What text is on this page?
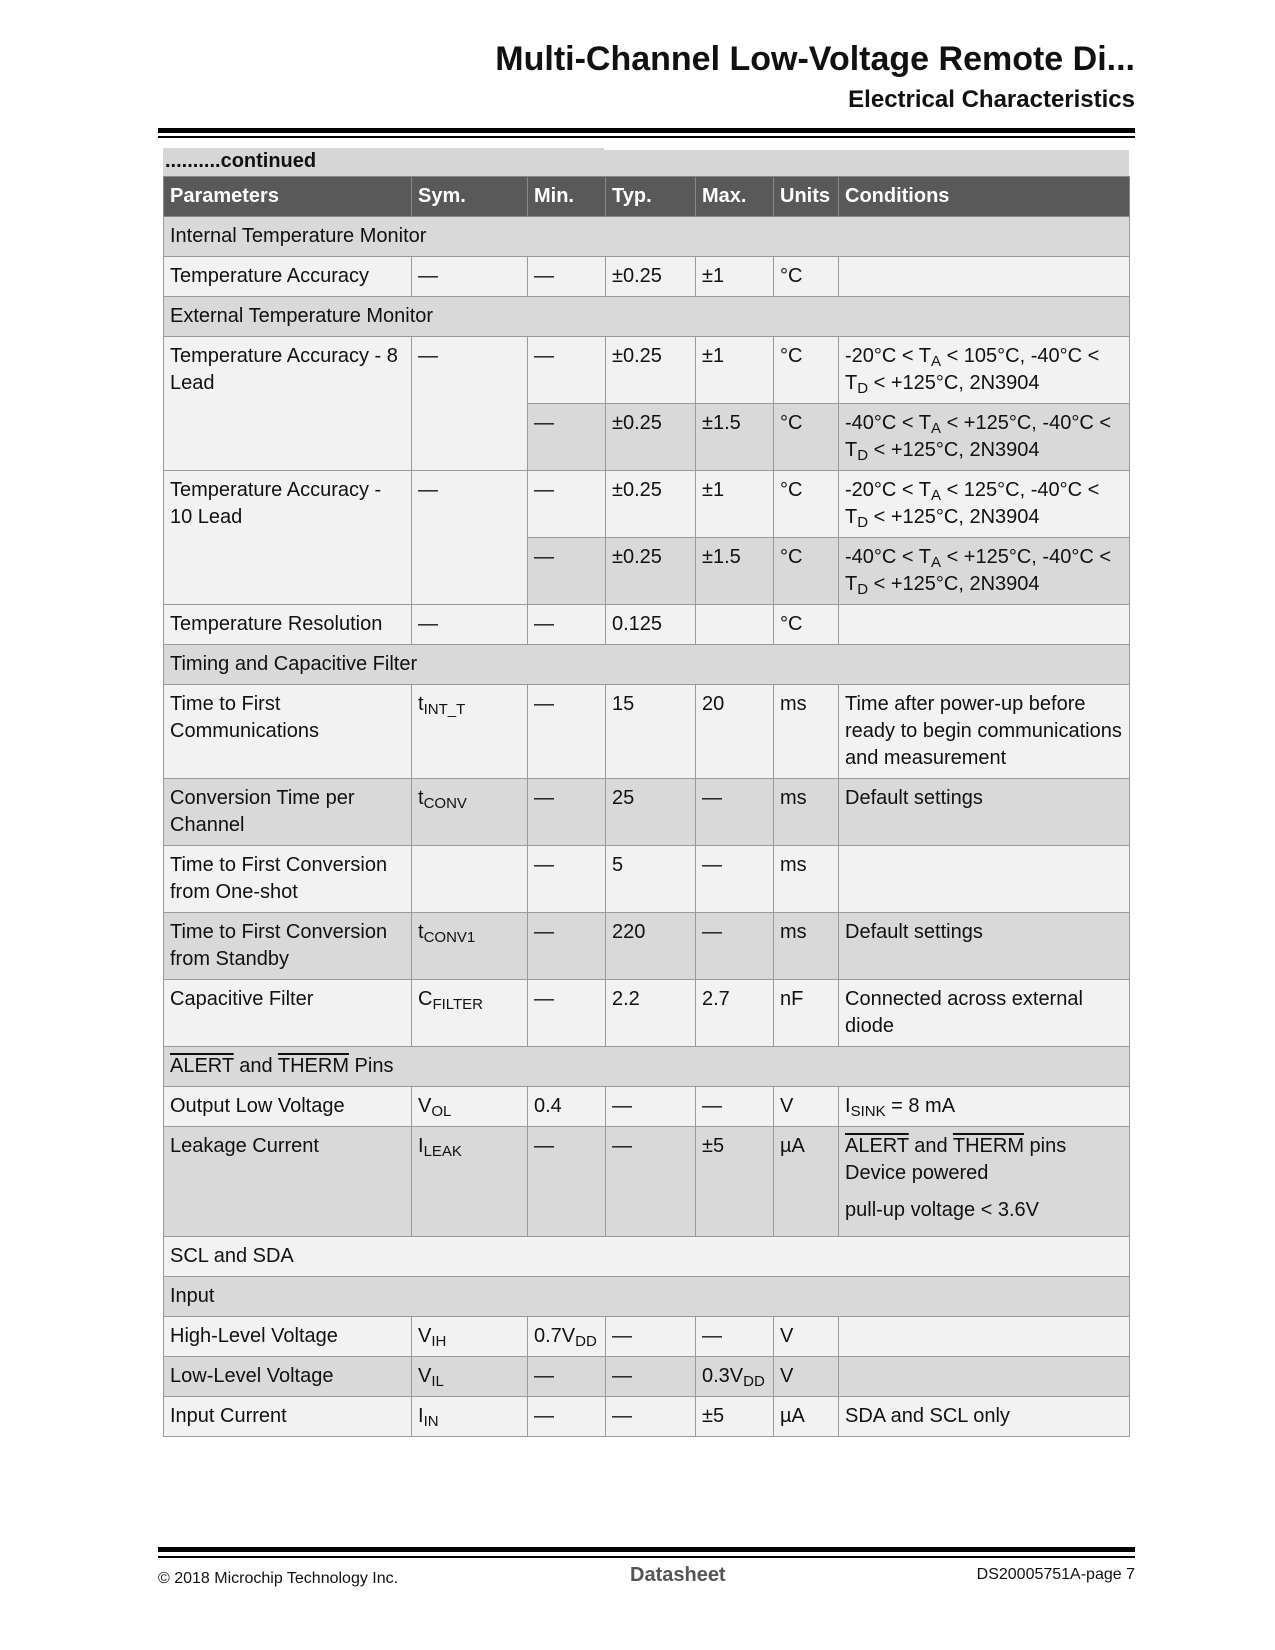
Multi-Channel Low-Voltage Remote Di...
Electrical Characteristics
..........continued
Parameters	Sym.	Min.	Typ.	Max.	Units	Conditions
Internal Temperature Monitor						
Temperature Accuracy	—	—	±0.25	±1	°C	
External Temperature Monitor						
Temperature Accuracy - 8 Lead	—	—	±0.25	±1	°C	$-20^\circ C < T_A < 105^\circ C$, $-40^\circ C < T_D < +125^\circ C$, 2N3904
		—	±0.25	±1.5	°C	$-40^\circ C < T_A < +125^\circ C$, $-40^\circ C < T_D < +125^\circ C$, 2N3904
Temperature Accuracy - 10 Lead	—	—	±0.25	±1	°C	$-20^\circ C < T_A < 125^\circ C$, $-40^\circ C < T_D < +125^\circ C$, 2N3904
		—	±0.25	±1.5	°C	$-40^\circ C < T_A < +125^\circ C$, $-40^\circ C < T_D < +125^\circ C$, 2N3904
Temperature Resolution	—	—	0.125		°C	
Timing and Capacitive Filter						
Time to First Communications	$t_{INT\_T}$	—	15	20	ms	Time after power-up before ready to begin communications and measurement
Conversion Time per Channel	$t_{CONV}$	—	25	—	ms	Default settings
Time to First Conversion from One-shot		—	5	—	ms	
Time to First Conversion from Standby	$t_{CONV1}$	—	220	—	ms	Default settings
Capacitive Filter	$C_{FILTER}$	—	2.2	2.7	nF	Connected across external diode
ALERT and THERM Pins						
Output Low Voltage	$V_{OL}$	0.4	—	—	V	$I_{SINK} = 8$ mA
Leakage Current	$I_{LEAK}$	—	—	±5	µA	ALERT and THERM pins Device powered
pull-up voltage < 3.6V

SCL and SDA						
Input						
High-Level Voltage	$V_{IH}$	$0.7V_{DD}$	—	—	V	
Low-Level Voltage	$V_{IL}$	—	—	$0.3V_{DD}$	V	
Input Current	$I_{IN}$	—	—	±5	µA	SDA and SCL only
© 2018 Microchip Technology Inc.	Datasheet	DS20005751A-page 7
